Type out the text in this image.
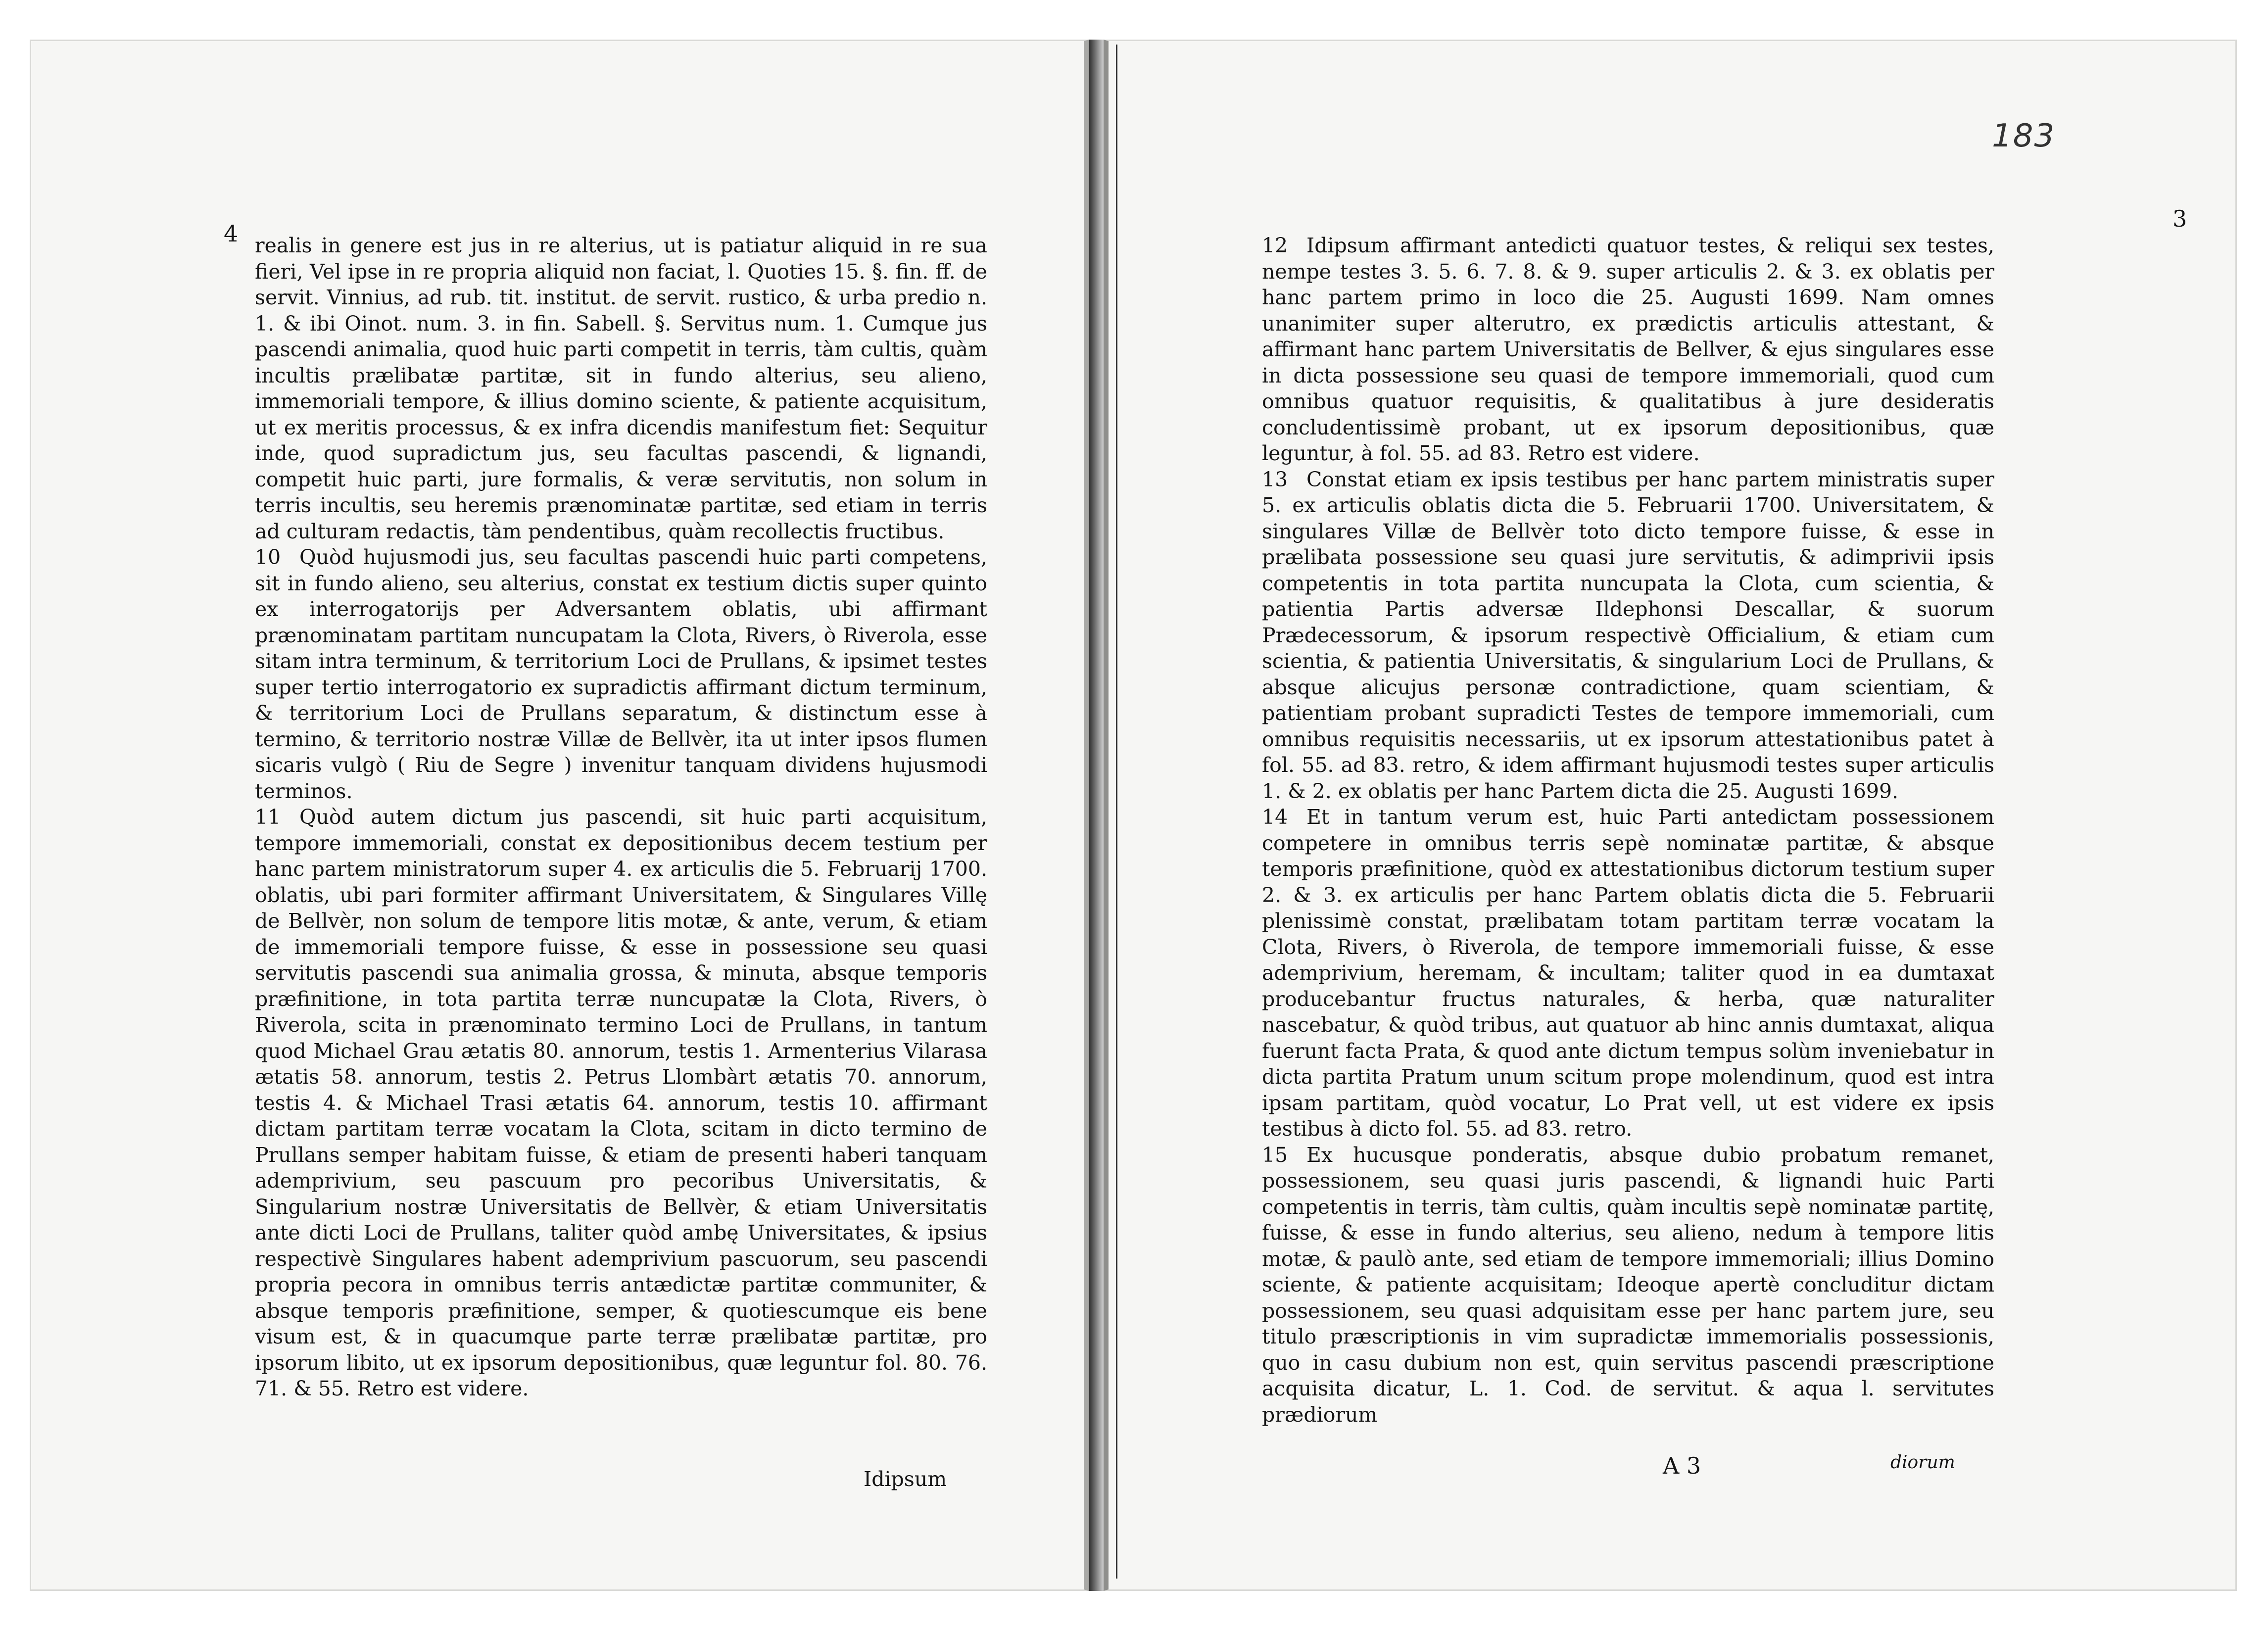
4
3
183

realis in genere est jus in re alterius, ut is patiatur aliquid in re sua fieri, Vel ipse in re propria aliquid non faciat, l. Quoties 15. §. fin. ff. de servit. Vinnius, ad rub. tit. institut. de servit. rustico, & urba predio n. 1. & ibi Oinot. num. 3. in fin. Sabell. §. Servitus num. 1. Cumque jus pascendi animalia, quod huic parti competit in terris, tàm cultis, quàm incultis prælibatæ partitæ, sit in fundo alterius, seu alieno, immemoriali tempore, & illius domino sciente, & patiente acquisitum, ut ex meritis processus, & ex infra dicendis manifestum fiet: Sequitur inde, quod supradictum jus, seu facultas pascendi, & lignandi, competit huic parti, jure formalis, & veræ servitutis, non solum in terris incultis, seu heremis prænominatæ partitæ, sed etiam in terris ad culturam redactis, tàm pendentibus, quàm recollectis fructibus.

10 Quòd hujusmodi jus, seu facultas pascendi huic parti competens, sit in fundo alieno, seu alterius, constat ex testium dictis super quinto ex interrogatorijs per Adversantem oblatis, ubi affirmant prænominatam partitam nuncupatam la Clota, Rivers, ò Riverola, esse sitam intra terminum, & territorium Loci de Prullans, & ipsimet testes super tertio interrogatorio ex supradictis affirmant dictum terminum, & territorium Loci de Prullans separatum, & distinctum esse à termino, & territorio nostræ Villæ de Bellvèr, ita ut inter ipsos flumen sicaris vulgò ( Riu de Segre ) invenitur tanquam dividens hujusmodi terminos.

11 Quòd autem dictum jus pascendi, sit huic parti acquisitum, tempore immemoriali, constat ex depositionibus decem testium per hanc partem ministratorum super 4. ex articulis die 5. Februarij 1700. oblatis, ubi pari formiter affirmant Universitatem, & Singulares Villę de Bellvèr, non solum de tempore litis motæ, & ante, verum, & etiam de immemoriali tempore fuisse, & esse in possessione seu quasi servitutis pascendi sua animalia grossa, & minuta, absque temporis præfinitione, in tota partita terræ nuncupatæ la Clota, Rivers, ò Riverola, scita in prænominato termino Loci de Prullans, in tantum quod Michael Grau ætatis 80. annorum, testis 1. Armenterius Vilarasa ætatis 58. annorum, testis 2. Petrus Llombàrt ætatis 70. annorum, testis 4. & Michael Trasi ætatis 64. annorum, testis 10. affirmant dictam partitam terræ vocatam la Clota, scitam in dicto termino de Prullans semper habitam fuisse, & etiam de presenti haberi tanquam ademprivium, seu pascuum pro pecoribus Universitatis, & Singularium nostræ Universitatis de Bellvèr, & etiam Universitatis ante dicti Loci de Prullans, taliter quòd ambę Universitates, & ipsius respectivè Singulares habent ademprivium pascuorum, seu pascendi propria pecora in omnibus terris antædictæ partitæ communiter, & absque temporis præfinitione, semper, & quotiescumque eis bene visum est, & in quacumque parte terræ prælibatæ partitæ, pro ipsorum libito, ut ex ipsorum depositionibus, quæ leguntur fol. 80. 76. 71. & 55. Retro est videre.

Idipsum

12 Idipsum affirmant antedicti quatuor testes, & reliqui sex testes, nempe testes 3. 5. 6. 7. 8. & 9. super articulis 2. & 3. ex oblatis per hanc partem primo in loco die 25. Augusti 1699. Nam omnes unanimiter super alterutro, ex prædictis articulis attestant, & affirmant hanc partem Universitatis de Bellver, & ejus singulares esse in dicta possessione seu quasi de tempore immemoriali, quod cum omnibus quatuor requisitis, & qualitatibus à jure desideratis concludentissimè probant, ut ex ipsorum depositionibus, quæ leguntur, à fol. 55. ad 83. Retro est videre.

13 Constat etiam ex ipsis testibus per hanc partem ministratis super 5. ex articulis oblatis dicta die 5. Februarii 1700. Universitatem, & singulares Villæ de Bellvèr toto dicto tempore fuisse, & esse in prælibata possessione seu quasi jure servitutis, & adimprivii ipsis competentis in tota partita nuncupata la Clota, cum scientia, & patientia Partis adversæ Ildephonsi Descallar, & suorum Prædecessorum, & ipsorum respectivè Officialium, & etiam cum scientia, & patientia Universitatis, & singularium Loci de Prullans, & absque alicujus personæ contradictione, quam scientiam, & patientiam probant supradicti Testes de tempore immemoriali, cum omnibus requisitis necessariis, ut ex ipsorum attestationibus patet à fol. 55. ad 83. retro, & idem affirmant hujusmodi testes super articulis 1. & 2. ex oblatis per hanc Partem dicta die 25. Augusti 1699.

14 Et in tantum verum est, huic Parti antedictam possessionem competere in omnibus terris sepè nominatæ partitæ, & absque temporis præfinitione, quòd ex attestationibus dictorum testium super 2. & 3. ex articulis per hanc Partem oblatis dicta die 5. Februarii plenissimè constat, prælibatam totam partitam terræ vocatam la Clota, Rivers, ò Riverola, de tempore immemoriali fuisse, & esse ademprivium, heremam, & incultam; taliter quod in ea dumtaxat producebantur fructus naturales, & herba, quæ naturaliter nascebatur, & quòd tribus, aut quatuor ab hinc annis dumtaxat, aliqua fuerunt facta Prata, & quod ante dictum tempus solùm inveniebatur in dicta partita Pratum unum scitum prope molendinum, quod est intra ipsam partitam, quòd vocatur, Lo Prat vell, ut est videre ex ipsis testibus à dicto fol. 55. ad 83. retro.

15 Ex hucusque ponderatis, absque dubio probatum remanet, possessionem, seu quasi juris pascendi, & lignandi huic Parti competentis in terris, tàm cultis, quàm incultis sepè nominatæ partitę, fuisse, & esse in fundo alterius, seu alieno, nedum à tempore litis motæ, & paulò ante, sed etiam de tempore immemoriali; illius Domino sciente, & patiente acquisitam; Ideoque apertè concluditur dictam possessionem, seu quasi adquisitam esse per hanc partem jure, seu titulo præscriptionis in vim supradictæ immemorialis possessionis, quo in casu dubium non est, quin servitus pascendi præscriptione acquisita dicatur, L. 1. Cod. de servitut. & aqua l. servitutes prædiorum

A 3	diorum
